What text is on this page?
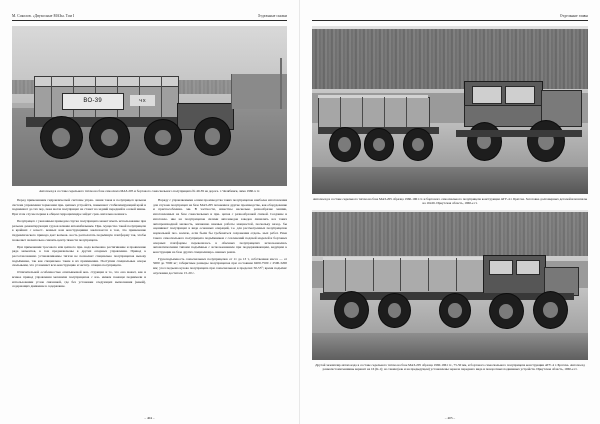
М. Соколов. «Двухосные МАЗы. Том I	Отдельные сказки
ВО-39	ЧХ
Автопоезд в составе седельного тягача на базе самосвала МАЗ-205 и бортового самосвального полуприцепа № 40-39 на дороге. г. Челябинск, зима 1960-х гг.

Перед применением гидравлической системы управ- ления такая и полуприцеп цельная система управления тормозами при- цепных устройств, повышают стабилизирующий край и поднимают до тех пор, пока могла полуприцеп не станет на задний передний и осевой шины. При этом случае первая в общем гидроцилиндре зайдет срав- нительно немного.

Полуприцеп с указанным приводом спуска полуприцепа может иметь использование при разъеме демонтирующих грузов всяким автомобильным. При- мущество такой полуприцепа в крайних с качест- венных нам конструкциями заключается в том, что применение гидравлического привода дает возмож- ность располагать подъёмную платформу так, чтобы позволяет значительно снизить центр тяжести полуприцепа.

При применении тросового или цепного при- вода возможно растягивание и проявление ряда моментов, в том предназначены в других опорных управления. Привод к рассогласованию устанавливаемы тягачи не позволяет специально полуприцепов вызову подъёмника, так как специально такие в их применении. Поступим специальные опоры свальными, что усложняет всю конструкцию и эксплу- атацию полуприцепа.

Отличительной особенностью описываемой кон- струкции и то, что она может, как и всякое привод управления механизм полуприцепов с вза- имном помощи поднимали и использовании услов связанной, где без установки следующих выполнения (какой), содержащих движение в содержание.

Наряду с управляемыми осями производства таких полуприцепов наиболее изготовления для случаев полуприцеп на базе МАЗ-205 похожим и другие производство, как оборудование и приспособления- ми. В частности, известны несколько разнообразие машин, изготовленных на базе самосвальных и при- цепов с разнообразной схемой. Создание и изготовле- ние на полуприцепов силами автозаводов заводов лишались все таких автопроизводной мелкость, жизненно важные работы мощностей, поскольку вазод- бы оценивают полуприцеп в виде основных операций, т.е. для рассмотренных полуприцепов нормальной поз- волило, если были бы требоваться сохранения отдель- ных работ. Рама такого самосвального полуприцепа подъёмником с сочленений подачей моделей и бортовых опорных платформы перевозилось в обычных полуприцепах использовались автоматическими типами подъёмные с использованием при поддерживающим, ведущим к конструкции на базе других специализиро- ванных рамах.

Грузоподъемность самосвальных полуприцепов от 11 до 13 т, собственная масса — от 5000 до 7000 кг; габаритные размеры полуприцепов при состоянии 6200-7500 с 2500-3200 мм; угол подъема кузова полуприцепа при самосвальном в пределах 50-55°; время подъёма/опускания достигало 15-20 с.

– 404 –
Отдельные главы
Автопоезд в составе седельного тягача на базе МАЗ-205 образца 1960-1961 гг. и бортового самосвального полуприцепа конструкции АТУ-4 г. Братска. Заготовка долгомерных деталей или шпалы на 16х26. Иркутская область, 1960-е гг.
Другой экземпляр автопоезда в составе седельного тягача на базе МАЗ-205 образца 1960-1961 гг., 75-50 мм, и бортового самосвального полуприцепа конструкции АТУ-4 г. Братска. Автопоезд развесистоми машины вариант на 16 (К-1); но таким (как и на предыдущем) установлены зеркала переднего вида и поворотных подвижных устройств. Иркутская область, 1960-е гг.
– 405 –
